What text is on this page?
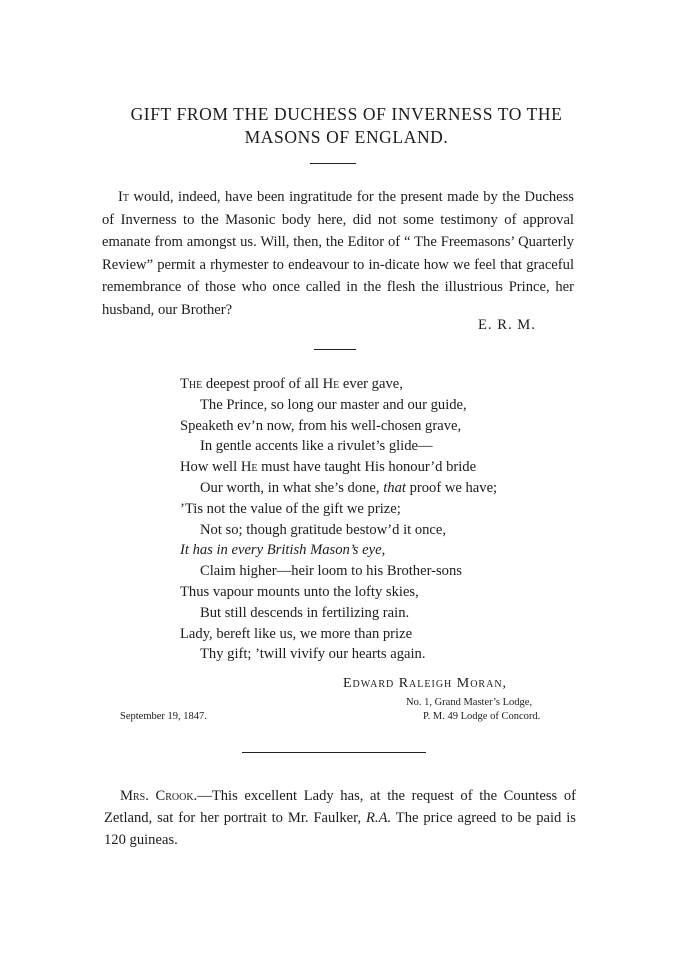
GIFT FROM THE DUCHESS OF INVERNESS TO THE
MASONS OF ENGLAND.

It would, indeed, have been ingratitude for the present made by the Duchess of Inverness to the Masonic body here, did not some testimony of approval emanate from amongst us. Will, then, the Editor of “ The Freemasons’ Quarterly Review” permit a rhymester to endeavour to in-dicate how we feel that graceful remembrance of those who once called in the flesh the illustrious Prince, her husband, our Brother?

E. R. M.
The deepest proof of all He ever gave,
The Prince, so long our master and our guide,
Speaketh ev’n now, from his well-chosen grave,
In gentle accents like a rivulet’s glide—
How well He must have taught His honour’d bride
Our worth, in what she’s done, that proof we have;
’Tis not the value of the gift we prize;
Not so; though gratitude bestow’d it once,
It has in every British Mason’s eye,
Claim higher—heir loom to his Brother-sons
Thus vapour mounts unto the lofty skies,
But still descends in fertilizing rain.
Lady, bereft like us, we more than prize
Thy gift; ’twill vivify our hearts again.
Edward Raleigh Moran,
No. 1, Grand Master’s Lodge,
P. M. 49 Lodge of Concord.
September 19, 1847.

Mrs. Crook.—This excellent Lady has, at the request of the Countess of Zetland, sat for her portrait to Mr. Faulker, R.A. The price agreed to be paid is 120 guineas.
